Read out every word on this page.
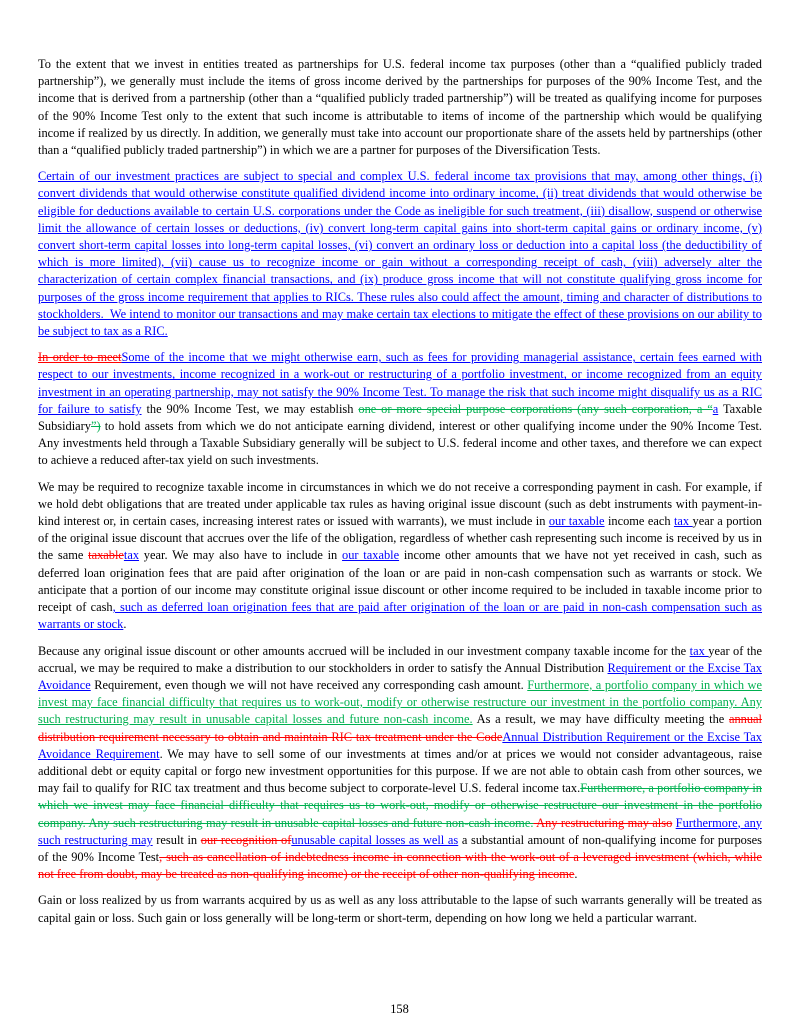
To the extent that we invest in entities treated as partnerships for U.S. federal income tax purposes (other than a “qualified publicly traded partnership”), we generally must include the items of gross income derived by the partnerships for purposes of the 90% Income Test, and the income that is derived from a partnership (other than a “qualified publicly traded partnership”) will be treated as qualifying income for purposes of the 90% Income Test only to the extent that such income is attributable to items of income of the partnership which would be qualifying income if realized by us directly. In addition, we generally must take into account our proportionate share of the assets held by partnerships (other than a “qualified publicly traded partnership”) in which we are a partner for purposes of the Diversification Tests.

Certain of our investment practices are subject to special and complex U.S. federal income tax provisions that may, among other things, (i) convert dividends that would otherwise constitute qualified dividend income into ordinary income, (ii) treat dividends that would otherwise be eligible for deductions available to certain U.S. corporations under the Code as ineligible for such treatment, (iii) disallow, suspend or otherwise limit the allowance of certain losses or deductions, (iv) convert long-term capital gains into short-term capital gains or ordinary income, (v) convert short-term capital losses into long-term capital losses, (vi) convert an ordinary loss or deduction into a capital loss (the deductibility of which is more limited), (vii) cause us to recognize income or gain without a corresponding receipt of cash, (viii) adversely alter the characterization of certain complex financial transactions, and (ix) produce gross income that will not constitute qualifying gross income for purposes of the gross income requirement that applies to RICs. These rules also could affect the amount, timing and character of distributions to stockholders.  We intend to monitor our transactions and may make certain tax elections to mitigate the effect of these provisions on our ability to be subject to tax as a RIC.

In order to meetSome of the income that we might otherwise earn, such as fees for providing managerial assistance, certain fees earned with respect to our investments, income recognized in a work-out or restructuring of a portfolio investment, or income recognized from an equity investment in an operating partnership, may not satisfy the 90% Income Test. To manage the risk that such income might disqualify us as a RIC for failure to satisfy the 90% Income Test, we may establish one or more special purpose corporations (any such corporation, a “a Taxable Subsidiary”) to hold assets from which we do not anticipate earning dividend, interest or other qualifying income under the 90% Income Test. Any investments held through a Taxable Subsidiary generally will be subject to U.S. federal income and other taxes, and therefore we can expect to achieve a reduced after-tax yield on such investments.

We may be required to recognize taxable income in circumstances in which we do not receive a corresponding payment in cash. For example, if we hold debt obligations that are treated under applicable tax rules as having original issue discount (such as debt instruments with payment-in-kind interest or, in certain cases, increasing interest rates or issued with warrants), we must include in our taxable income each tax year a portion of the original issue discount that accrues over the life of the obligation, regardless of whether cash representing such income is received by us in the same taxabletax year. We may also have to include in our taxable income other amounts that we have not yet received in cash, such as deferred loan origination fees that are paid after origination of the loan or are paid in non-cash compensation such as warrants or stock. We anticipate that a portion of our income may constitute original issue discount or other income required to be included in taxable income prior to receipt of cash, such as deferred loan origination fees that are paid after origination of the loan or are paid in non-cash compensation such as warrants or stock.

Because any original issue discount or other amounts accrued will be included in our investment company taxable income for the tax year of the accrual, we may be required to make a distribution to our stockholders in order to satisfy the Annual Distribution Requirement or the Excise Tax Avoidance Requirement, even though we will not have received any corresponding cash amount. Furthermore, a portfolio company in which we invest may face financial difficulty that requires us to work-out, modify or otherwise restructure our investment in the portfolio company. Any such restructuring may result in unusable capital losses and future non-cash income. As a result, we may have difficulty meeting the annual distribution requirement necessary to obtain and maintain RIC tax treatment under the CodeAnnual Distribution Requirement or the Excise Tax Avoidance Requirement. We may have to sell some of our investments at times and/or at prices we would not consider advantageous, raise additional debt or equity capital or forgo new investment opportunities for this purpose. If we are not able to obtain cash from other sources, we may fail to qualify for RIC tax treatment and thus become subject to corporate-level U.S. federal income tax.Furthermore, a portfolio company in which we invest may face financial difficulty that requires us to work-out, modify or otherwise restructure our investment in the portfolio company. Any such restructuring may result in unusable capital losses and future non-cash income. Any restructuring may also Furthermore, any such restructuring may result in our recognition ofunusable capital losses as well as a substantial amount of non-qualifying income for purposes of the 90% Income Test, such as cancellation of indebtedness income in connection with the work-out of a leveraged investment (which, while not free from doubt, may be treated as non-qualifying income) or the receipt of other non-qualifying income.

Gain or loss realized by us from warrants acquired by us as well as any loss attributable to the lapse of such warrants generally will be treated as capital gain or loss. Such gain or loss generally will be long-term or short-term, depending on how long we held a particular warrant.

158
